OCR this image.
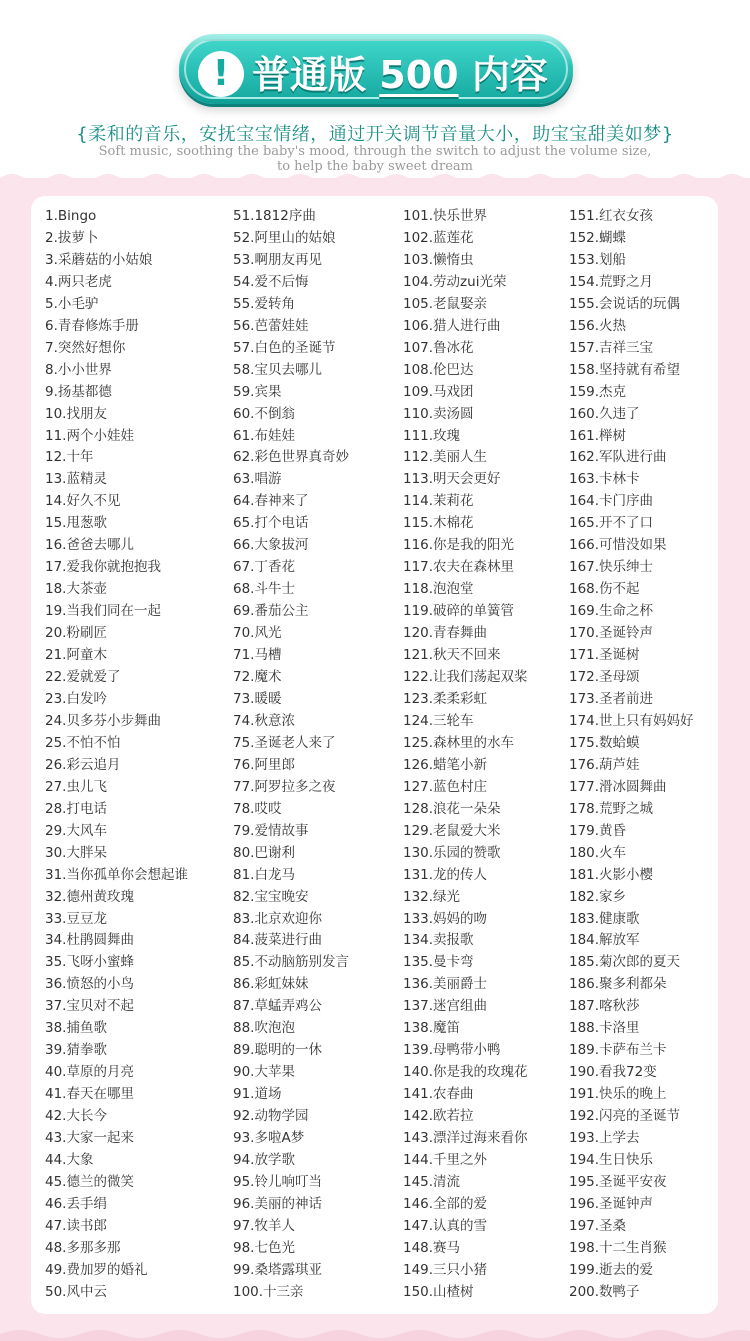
! 普通版 500 内容
{柔和的音乐，安抚宝宝情绪，通过开关调节音量大小，助宝宝甜美如梦}
Soft music, soothing the baby's mood, through the switch to adjust the volume size,
to help the baby sweet dream
1.Bingo
2.拔萝卜
3.采蘑菇的小姑娘
4.两只老虎
5.小毛驴
6.青春修炼手册
7.突然好想你
8.小小世界
9.扬基都德
10.找朋友
11.两个小娃娃
12.十年
13.蓝精灵
14.好久不见
15.甩葱歌
16.爸爸去哪儿
17.爱我你就抱抱我
18.大茶壶
19.当我们同在一起
20.粉刷匠
21.阿童木
22.爱就爱了
23.白发吟
24.贝多芬小步舞曲
25.不怕不怕
26.彩云追月
27.虫儿飞
28.打电话
29.大风车
30.大胖呆
31.当你孤单你会想起谁
32.德州黄玫瑰
33.豆豆龙
34.杜鹃圆舞曲
35.飞呀小蜜蜂
36.愤怒的小鸟
37.宝贝对不起
38.捕鱼歌
39.猜拳歌
40.草原的月亮
41.春天在哪里
42.大长今
43.大家一起来
44.大象
45.德兰的微笑
46.丢手绢
47.读书郎
48.多那多那
49.费加罗的婚礼
50.风中云
51.1812序曲
52.阿里山的姑娘
53.啊朋友再见
54.爱不后悔
55.爱转角
56.芭蕾娃娃
57.白色的圣诞节
58.宝贝去哪儿
59.宾果
60.不倒翁
61.布娃娃
62.彩色世界真奇妙
63.唱游
64.春神来了
65.打个电话
66.大象拔河
67.丁香花
68.斗牛士
69.番茄公主
70.风光
71.马槽
72.魔术
73.暖暖
74.秋意浓
75.圣诞老人来了
76.阿里郎
77.阿罗拉多之夜
78.哎哎
79.爱情故事
80.巴谢利
81.白龙马
82.宝宝晚安
83.北京欢迎你
84.菠菜进行曲
85.不动脑筋别发言
86.彩虹妹妹
87.草蜢弄鸡公
88.吹泡泡
89.聪明的一休
90.大苹果
91.道场
92.动物学园
93.多啦A梦
94.放学歌
95.铃儿响叮当
96.美丽的神话
97.牧羊人
98.七色光
99.桑塔露琪亚
100.十三亲
101.快乐世界
102.蓝莲花
103.懒惰虫
104.劳动zui光荣
105.老鼠娶亲
106.猎人进行曲
107.鲁冰花
108.伦巴达
109.马戏团
110.卖汤圆
111.玫瑰
112.美丽人生
113.明天会更好
114.茉莉花
115.木棉花
116.你是我的阳光
117.农夫在森林里
118.泡泡堂
119.破碎的单簧管
120.青春舞曲
121.秋天不回来
122.让我们荡起双桨
123.柔柔彩虹
124.三轮车
125.森林里的水车
126.蜡笔小新
127.蓝色村庄
128.浪花一朵朵
129.老鼠爱大米
130.乐园的赞歌
131.龙的传人
132.绿光
133.妈妈的吻
134.卖报歌
135.曼卡弯
136.美丽爵士
137.迷宫组曲
138.魔笛
139.母鸭带小鸭
140.你是我的玫瑰花
141.农春曲
142.欧若拉
143.漂洋过海来看你
144.千里之外
145.清流
146.全部的爱
147.认真的雪
148.赛马
149.三只小猪
150.山楂树
151.红衣女孩
152.蝴蝶
153.划船
154.荒野之月
155.会说话的玩偶
156.火热
157.吉祥三宝
158.坚持就有希望
159.杰克
160.久违了
161.榉树
162.军队进行曲
163.卡林卡
164.卡门序曲
165.开不了口
166.可惜没如果
167.快乐绅士
168.伤不起
169.生命之杯
170.圣诞铃声
171.圣诞树
172.圣母颂
173.圣者前进
174.世上只有妈妈好
175.数蛤蟆
176.葫芦娃
177.滑冰圆舞曲
178.荒野之城
179.黄昏
180.火车
181.火影小樱
182.家乡
183.健康歌
184.解放军
185.菊次郎的夏天
186.聚多利都朵
187.喀秋莎
188.卡洛里
189.卡萨布兰卡
190.看我72变
191.快乐的晚上
192.闪亮的圣诞节
193.上学去
194.生日快乐
195.圣诞平安夜
196.圣诞钟声
197.圣桑
198.十二生肖猴
199.逝去的爱
200.数鸭子
